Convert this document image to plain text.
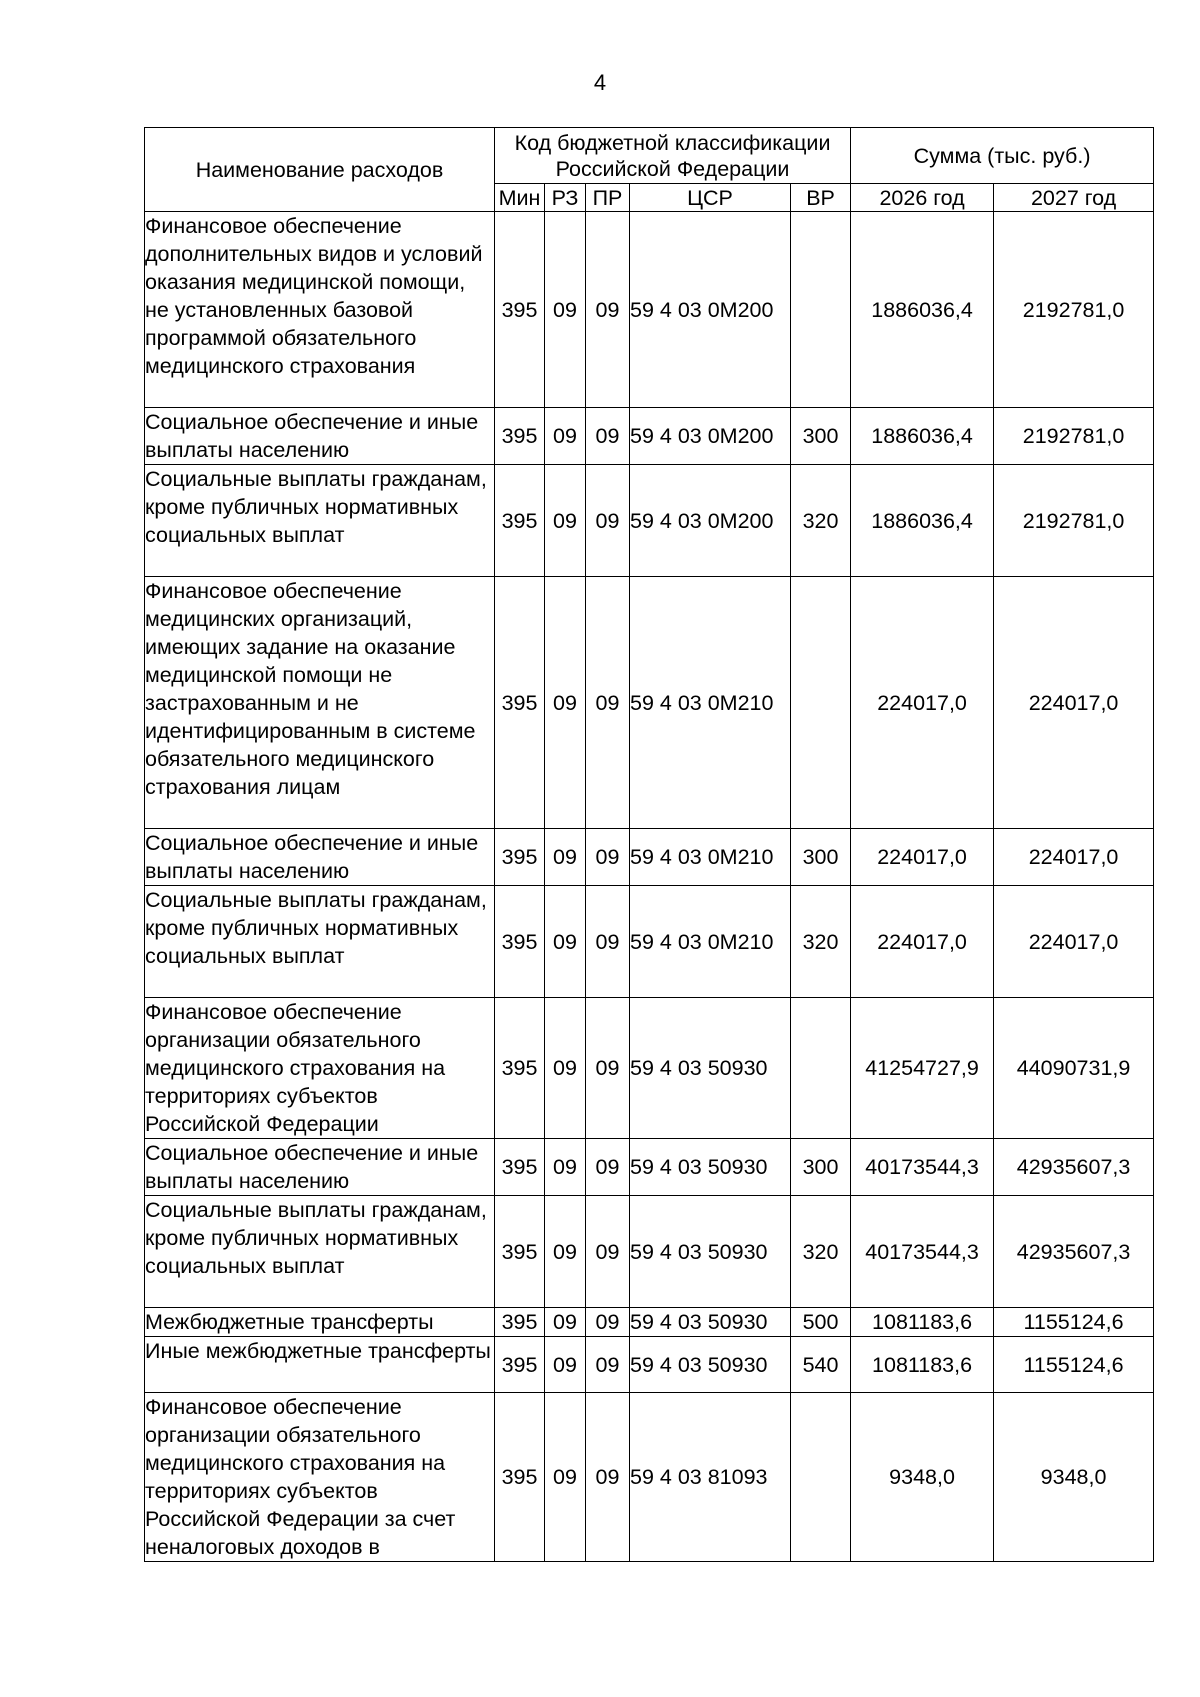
4
Наименование расходов	Код бюджетной классификации Российской Федерации					Сумма (тыс. руб.)	
	Мин	РЗ	ПР	ЦСР	ВР	2026 год	2027 год
Финансовое обеспечение дополнительных видов и условий оказания медицинской помощи, не установленных базовой программой обязательного медицинского страхования	395	09	09	59 4 03 0М200		1886036,4	2192781,0
Социальное обеспечение и иные выплаты населению	395	09	09	59 4 03 0М200	300	1886036,4	2192781,0
Социальные выплаты гражданам, кроме публичных нормативных социальных выплат	395	09	09	59 4 03 0М200	320	1886036,4	2192781,0
Финансовое обеспечение медицинских организаций, имеющих задание на оказание медицинской помощи не застрахованным и не идентифицированным в системе обязательного медицинского страхования лицам	395	09	09	59 4 03 0М210		224017,0	224017,0
Социальное обеспечение и иные выплаты населению	395	09	09	59 4 03 0М210	300	224017,0	224017,0
Социальные выплаты гражданам, кроме публичных нормативных социальных выплат	395	09	09	59 4 03 0М210	320	224017,0	224017,0
Финансовое обеспечение организации обязательного медицинского страхования на территориях субъектов Российской Федерации	395	09	09	59 4 03 50930		41254727,9	44090731,9
Социальное обеспечение и иные выплаты населению	395	09	09	59 4 03 50930	300	40173544,3	42935607,3
Социальные выплаты гражданам, кроме публичных нормативных социальных выплат	395	09	09	59 4 03 50930	320	40173544,3	42935607,3
Межбюджетные трансферты	395	09	09	59 4 03 50930	500	1081183,6	1155124,6
Иные межбюджетные трансферты	395	09	09	59 4 03 50930	540	1081183,6	1155124,6
Финансовое обеспечение организации обязательного медицинского страхования на территориях субъектов Российской Федерации за счет неналоговых доходов в	395	09	09	59 4 03 81093		9348,0	9348,0
